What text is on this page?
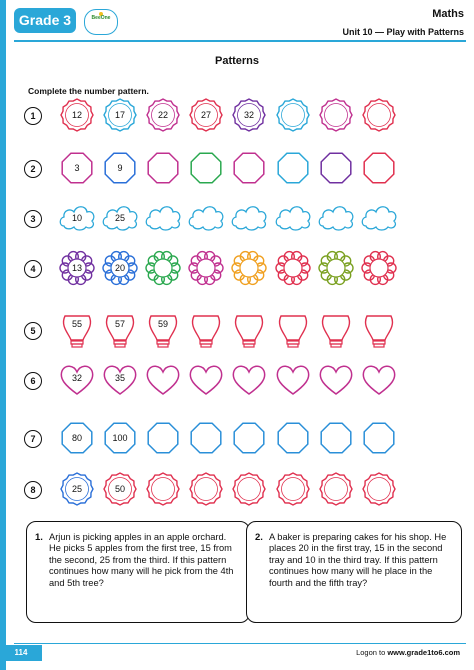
Grade 3	BeeOne	Maths
Unit 10 — Play with Patterns
Patterns
Complete the number pattern.
1	12	17	22	27	32
2	3	9
3	10	25
4	13	20
5
55	57	59
6	32	35
7	80	100
8	25	50
1. Arjun is picking apples in an apple orchard. He picks 5 apples from the first tree, 15 from the second, 25 from the third. If this pattern continues how many will he pick from the 4th and 5th tree?
2. A baker is preparing cakes for his shop. He places 20 in the first tray, 15 in the second tray and 10 in the third tray. If this pattern continues how many will he place in the fourth and the fifth tray?
114	Logon to www.grade1to6.com
